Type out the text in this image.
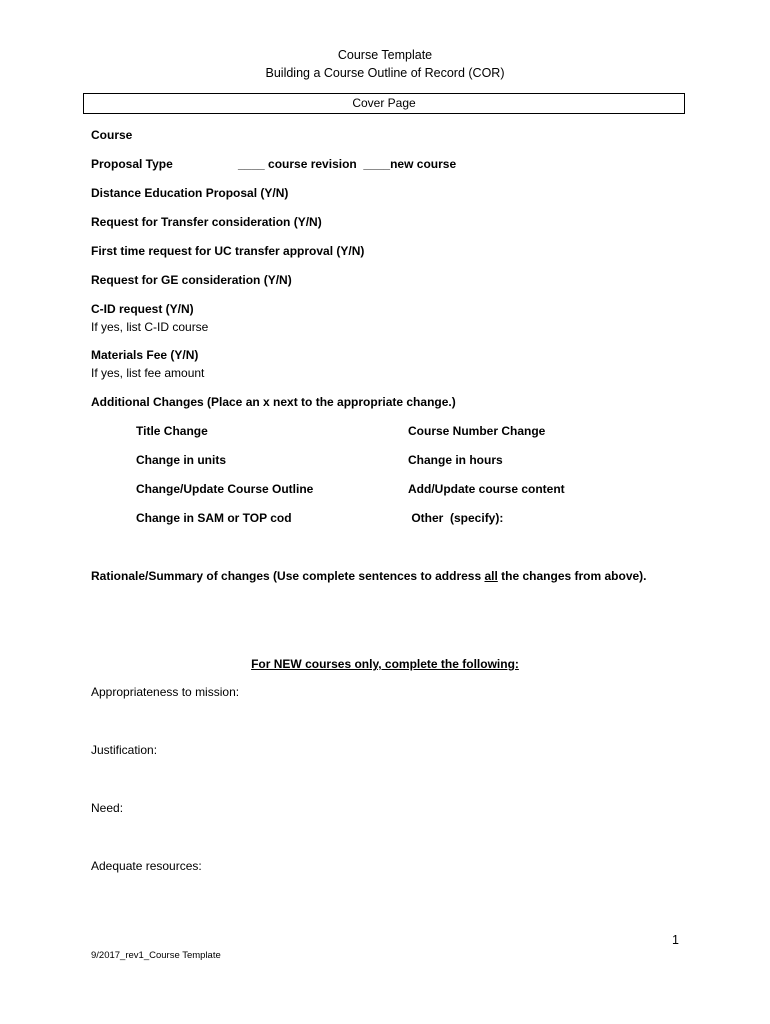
Course Template
Building a Course Outline of Record (COR)
Cover Page
Course
Proposal Type	____ course revision  ____new course
Distance Education Proposal (Y/N)
Request for Transfer consideration (Y/N)
First time request for UC transfer approval (Y/N)
Request for GE consideration (Y/N)
C-ID request (Y/N)
If yes, list C-ID course
Materials Fee (Y/N)
If yes, list fee amount
Additional Changes (Place an x next to the appropriate change.)
Title Change
Change in units
Change/Update Course Outline
Change in SAM or TOP cod
Course Number Change
Change in hours
Add/Update course content
Other  (specify):
Rationale/Summary of changes (Use complete sentences to address all the changes from above).
For NEW courses only, complete the following:
Appropriateness to mission:
Justification:
Need:
Adequate resources:
1
9/2017_rev1_Course Template
